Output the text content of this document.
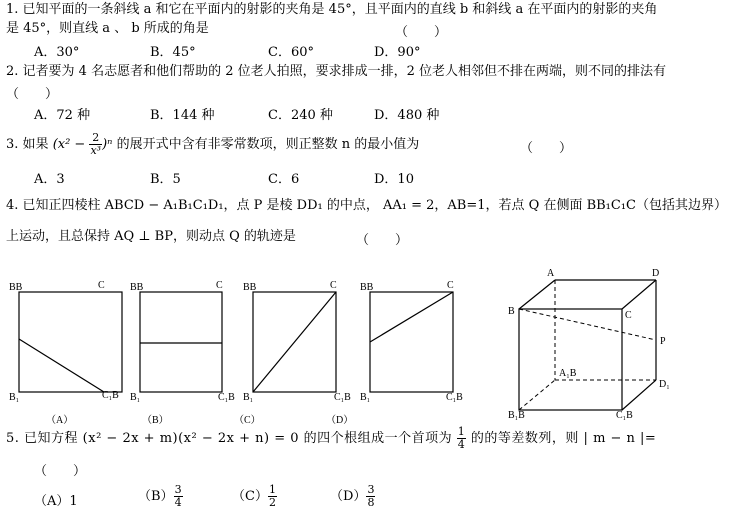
1. 已知平面的一条斜线 a 和它在平面内的射影的夹角是 45°，且平面内的直线 b 和斜线 a 在平面内的射影的夹角
是 45°，则直线 a 、 b 所成的角是	（　　）
A．30°	B．45°	C．60°	D．90°
2. 记者要为 4 名志愿者和他们帮助的 2 位老人拍照，要求排成一排，2 位老人相邻但不排在两端，则不同的排法有
（　　）
A．72 种	B．144 种	C．240 种	D．480 种
3. 如果 $(x^2 - \frac{2}{\text{x³}} )^n$ 的展开式中含有非零常数项，则正整数 n 的最小值为	（　　）
A．3	B．5	C．6	D．10
4. 已知正四棱柱 ABCD − A₁B₁C₁D₁，点 P 是棱 DD₁ 的中点， AA₁ = 2，AB=1，若点 Q 在侧面 BB₁C₁C（包括其边界）
上运动，且总保持 AQ ⊥ BP，则动点 Q 的轨迹是	（　　）
BB	C
B₁	C₁B
（A）
BB	C
B₁	C₁B
（B）
BB	C
B₁	C₁B
（C）
BB	C
B₁	C₁B
（D）
A	D
B	C
P
A₁B
D₁
B₁B	C₁B
5. 已知方程 (x² − 2x + m)(x² − 2x + n) = 0 的四个根组成一个首项为 $\frac{1}{4}$ 的的等差数列，则 | m − n |=
（　　）
（A）1	$(B) \frac{3}{4}$	$(C) \frac{1}{2}$	$(D) \frac{3}{8}$
